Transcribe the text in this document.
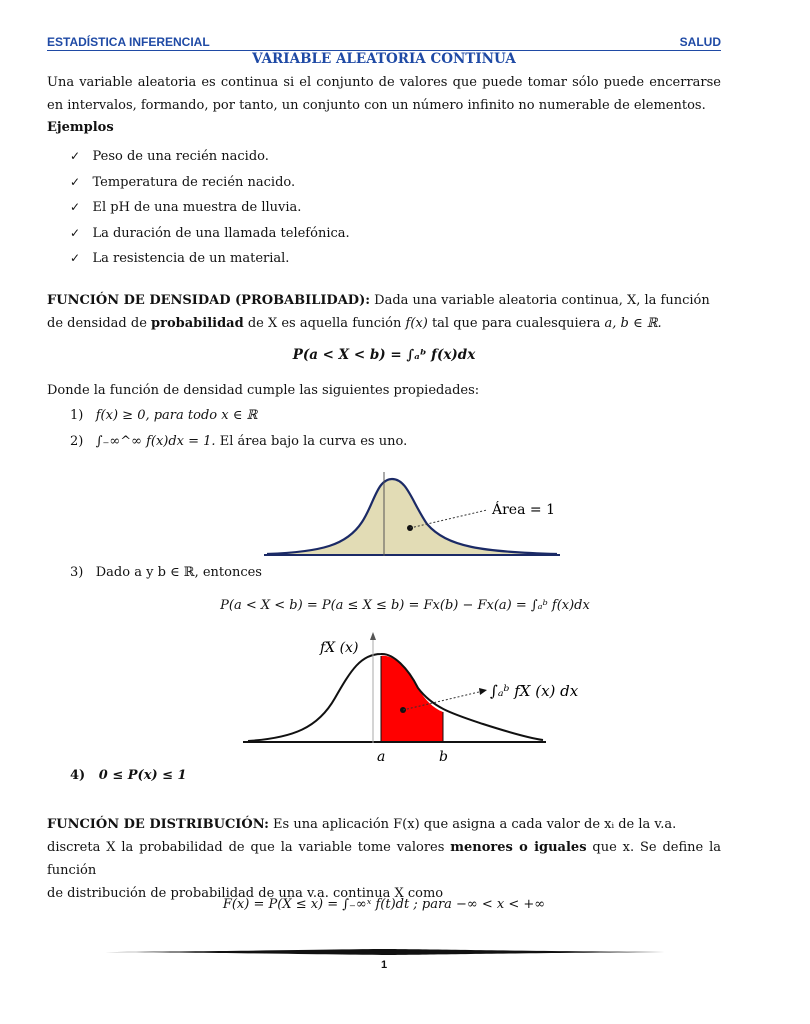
ESTADÍSTICA INFERENCIAL	SALUD
VARIABLE ALEATORIA CONTINUA
Una variable aleatoria es continua si el conjunto de valores que puede tomar sólo puede encerrarse en intervalos, formando, por tanto, un conjunto con un número infinito no numerable de elementos.
Ejemplos
✓ Peso de una recién nacido.
✓ Temperatura de recién nacido.
✓ El pH de una muestra de lluvia.
✓ La duración de una llamada telefónica.
✓ La resistencia de un material.
FUNCIÓN DE DENSIDAD (PROBABILIDAD): Dada una variable aleatoria continua, X, la función
de densidad de probabilidad de X es aquella función f(x) tal que para cualesquiera a, b ∈ ℝ.
P(a < X < b) = ∫ₐᵇ f(x)dx
Donde la función de densidad cumple las siguientes propiedades:
1) f(x) ≥ 0, para todo x ∈ ℝ
2) ∫₋∞^∞ f(x)dx = 1. El área bajo la curva es uno.
Área = 1
3) Dado a y b ∈ ℝ, entonces
P(a < X < b) = P(a ≤ X ≤ b) = Fx(b) − Fx(a) = ∫ₐᵇ f(x)dx
fX (x)
∫ₐᵇ fX (x) dx
a	b
4) 0 ≤ P(x) ≤ 1
FUNCIÓN DE DISTRIBUCIÓN: Es una aplicación F(x) que asigna a cada valor de xᵢ de la v.a.
discreta X la probabilidad de que la variable tome valores menores o iguales que x. Se define la función
de distribución de probabilidad de una v.a. continua X como
F(x) = P(X ≤ x) = ∫₋∞ˣ f(t)dt ; para −∞ < x < +∞
1
